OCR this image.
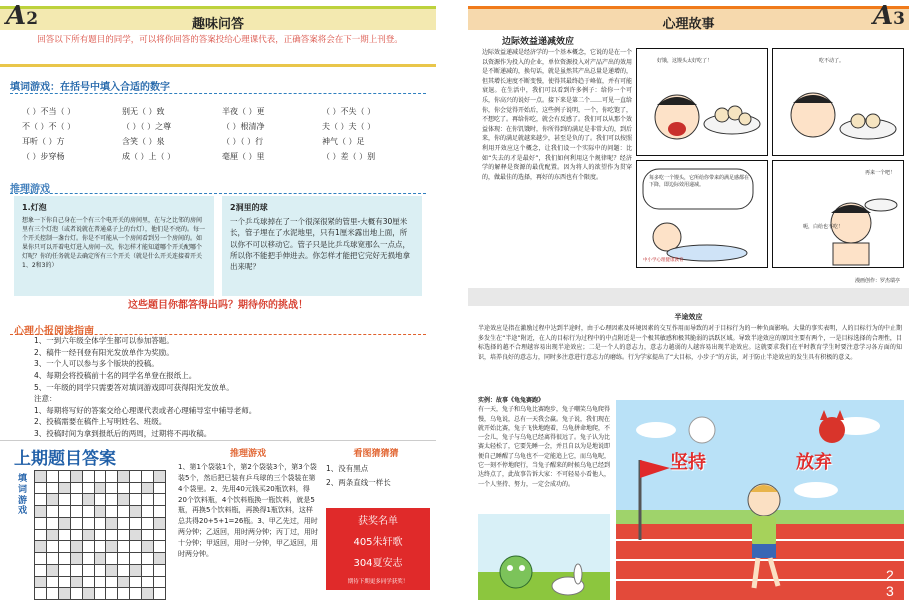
A2	趣味问答
回答以下所有题目的同学，可以将你回答的答案投给心理课代表，正确答案将会在下一期上刊登。
填词游戏：在括号中填入合适的数字
（ ）不当（ ）	别无（ ）致	半夜（ ）更	（ ）不失（ ）
不（ ）不（ ）	（ ）（ ）之尊	（ ）根清净	夫（ ）夫（ ）
耳听（ ）方	含笑（ ）泉	（ ）（ ）行	神气（ ）足
（ ）步穿杨	成（ ）上（ ）	毫厘（ ）里	（ ）差（ ）别
推理游戏
1.灯泡

想象一下你自己身在一个有三个电开关的房间里，在与之比邻的房间里有三个灯泡（或者说就在普通桌子上的台灯），他们是不亮的。每一个开关控制一盏台灯。你是不可能从一个房间看到另一个房间的。如果你只可以开着电灯进入房间一次，你怎样才能知道哪个开关配哪个灯呢？你的任务就是去确定所有三个开关（就是什么开关连接着开关1、2和3的）

2洞里的球

一个乒乓球掉在了一个很深很紧的管里-大概有30厘米长，管子埋在了水泥地里，只有1厘米露出地上面，所以你不可以移动它。管子只是比乒乓球宽那么一点点，所以你不能把手伸进去。你怎样才能把它完好无损地拿出来呢？

这些题目你都答得出吗？期待你的挑战！
心理小报阅读指南
1、一到六年级全体学生都可以参加答题。
2、稿件一经刊登有阳光发放单作为奖励。
3、一个人可以参与多个版块的投稿。
4、每期会将投稿前十名的同学名单登在报纸上。
5、一年级的同学只需要答对填词游戏即可获得阳光发放单。
注意：
1、每期将写好的答案交给心理课代表或者心理辅导室中辅导老师。
2、投稿需要在稿件上写明姓名、班级。
3、投稿时间为拿到报纸后的两周，过期将不再收稿。
上期题目答案
填词游戏
推理游戏
1、第1个袋装1个，第2个袋装3个，第3个袋装5个，然后把已装有乒乓球的三个袋装在第4个袋里。2、先用40元钱买20瓶饮料，得20个饮料瓶，4个饮料瓶换一瓶饮料，就是5瓶，再换5个饮料瓶，再换得1瓶饮料，这样总共得20+5+1=26瓶。3、甲乙先过，用时两分钟；乙返回，用时两分钟；丙丁过，用时十分钟；甲返回，用时一分钟，甲乙返回，用时两分钟。
看图猜猜猜
1、没有黑点
2、两条直线一样长
获奖名单
405朱轩歌
304夏安志
期待下期更多同学获奖！
心理故事	A3
边际效益递减效应
边际效益递减是经济学的一个基本概念，它说的是在一个以资源作为投入的企业，单位资源投入对产品产出的效用是不断递减的，换句话，就是虽然其产出总量是递增的，但其增长速度不断变慢，使得其最终趋于峰值，并有可能衰退。在生活中，我们可以看到许多例子：给你一个可乐，你高兴的说好一点。接下来是第二个……可见一直给你，你会觉得开始后，这些例子说明，一个，你吃饱了，不想吃了。再给你吃，就会有反感了。我们可以从那个效益体现：在你饥饿时，你所得到的满足是非常大的，到后来，你的满足就越来越少，甚至是负的了。我们可以按照利用开效应这个概念，让我们设一个实际中的问题：比如“失去的才是最好”，我们如何利用这个规律呢？经济学的解释是资源的最优配置。因为将人的欲望作为贯穿的，做最佳的选择，再好的东西也有个限度。
好饿，这馒头太好吃了！	吃不动了。
每多吃一个馒头，它所给你带来的满足感都在下降，即边际效用递减。
中小学心理健康教育
再来一个吧！
呃，白给也不吃！
漫画创作：罗杰瑞亭
半途效应
半途效应是指在激励过程中达到半途时，由于心理因素及环境因素的交互作用而导致的对于目标行为的一种负面影响。大量的事实表明，人的目标行为的中止期多发生在“半途”附近，在人的目标行为过程中的中点附近是一个极其敏感和极其脆弱的活跃区域。导致半途效应的原因主要有两个，一是目标选择的合理性，目标选择的越不合理越容易出现半途效应；二是一个人的意志力，意志力越弱的人越容易出现半途效应。这就要求我们在平时教育学生时要注意学习各方面的知识，培养良好的意志力，同时多注意进行意志力的磨练。行为学家提出了“大目标，小步子”的方法，对于防止半途效应的发生具有积极的意义。
实例：故事《龟兔赛跑》
有一天，兔子和乌龟比赛跑步，兔子嘲笑乌龟爬得慢，乌龟说，总有一天我会赢。兔子说，我们现在就开始比赛，兔子飞快地跑着，乌龟拼命地爬，不一会儿，兔子与乌龟已经离得很远了。兔子认为比赛太轻松了，它要先睡一会，并且自以为是地说即便自己睡醒了乌龟也不一定能追上它，而乌龟呢，它一刻不停地爬行，当兔子醒来的时候乌龟已经到达终点了，此故事告诉大家：不可轻易小看他人，一个人坚持、努力，一定会成功的。
2
3
坚持	放弃
